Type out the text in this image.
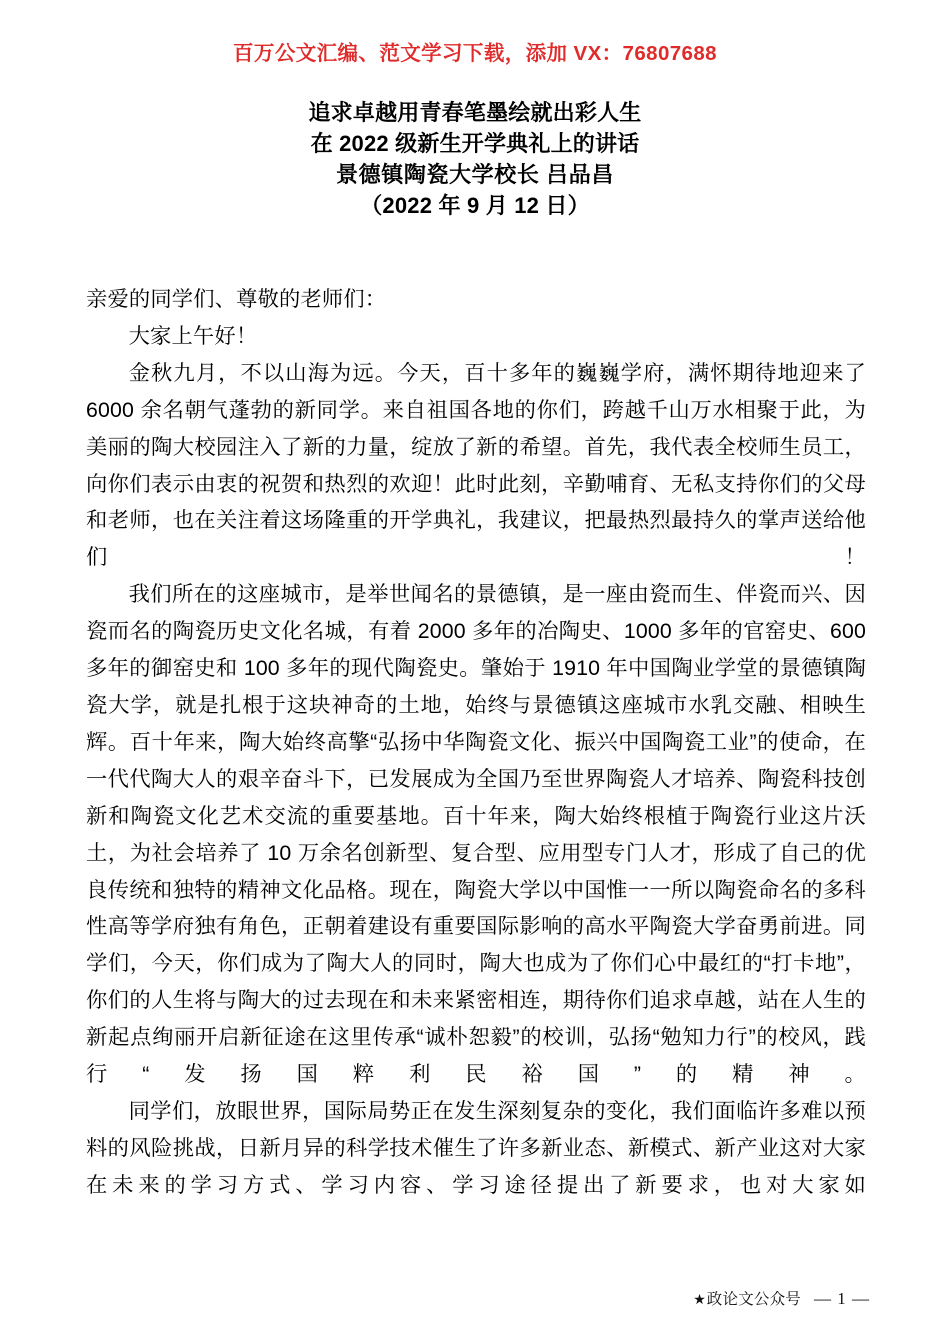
百万公文汇编、范文学习下载，添加 VX：76807688
追求卓越用青春笔墨绘就出彩人生
在 2022 级新生开学典礼上的讲话
景德镇陶瓷大学校长 吕品昌
（2022 年 9 月 12 日）

亲爱的同学们、尊敬的老师们：

大家上午好！

金秋九月，不以山海为远。今天，百十多年的巍巍学府，满怀期待地迎来了 6000 余名朝气蓬勃的新同学。来自祖国各地的你们，跨越千山万水相聚于此，为美丽的陶大校园注入了新的力量，绽放了新的希望。首先，我代表全校师生员工，向你们表示由衷的祝贺和热烈的欢迎！此时此刻，辛勤哺育、无私支持你们的父母和老师，也在关注着这场隆重的开学典礼，我建议，把最热烈最持久的掌声送给他们！

我们所在的这座城市，是举世闻名的景德镇，是一座由瓷而生、伴瓷而兴、因瓷而名的陶瓷历史文化名城，有着 2000 多年的冶陶史、1000 多年的官窑史、600 多年的御窑史和 100 多年的现代陶瓷史。肇始于 1910 年中国陶业学堂的景德镇陶瓷大学，就是扎根于这块神奇的土地，始终与景德镇这座城市水乳交融、相映生辉。百十年来，陶大始终高擎“弘扬中华陶瓷文化、振兴中国陶瓷工业”的使命，在一代代陶大人的艰辛奋斗下，已发展成为全国乃至世界陶瓷人才培养、陶瓷科技创新和陶瓷文化艺术交流的重要基地。百十年来，陶大始终根植于陶瓷行业这片沃土，为社会培养了 10 万余名创新型、复合型、应用型专门人才，形成了自己的优良传统和独特的精神文化品格。现在，陶瓷大学以中国惟一一所以陶瓷命名的多科性高等学府独有角色，正朝着建设有重要国际影响的高水平陶瓷大学奋勇前进。同学们，今天，你们成为了陶大人的同时，陶大也成为了你们心中最红的“打卡地”，你们的人生将与陶大的过去现在和未来紧密相连，期待你们追求卓越，站在人生的新起点绚丽开启新征途在这里传承“诚朴恕毅”的校训，弘扬“勉知力行”的校风，践行“发扬国粹利民裕国”的精神。

同学们，放眼世界，国际局势正在发生深刻复杂的变化，我们面临许多难以预料的风险挑战，日新月异的科学技术催生了许多新业态、新模式、新产业这对大家在未来的学习方式、学习内容、学习途径提出了新要求，也对大家如

★ 政论文公众号 — 1 —
